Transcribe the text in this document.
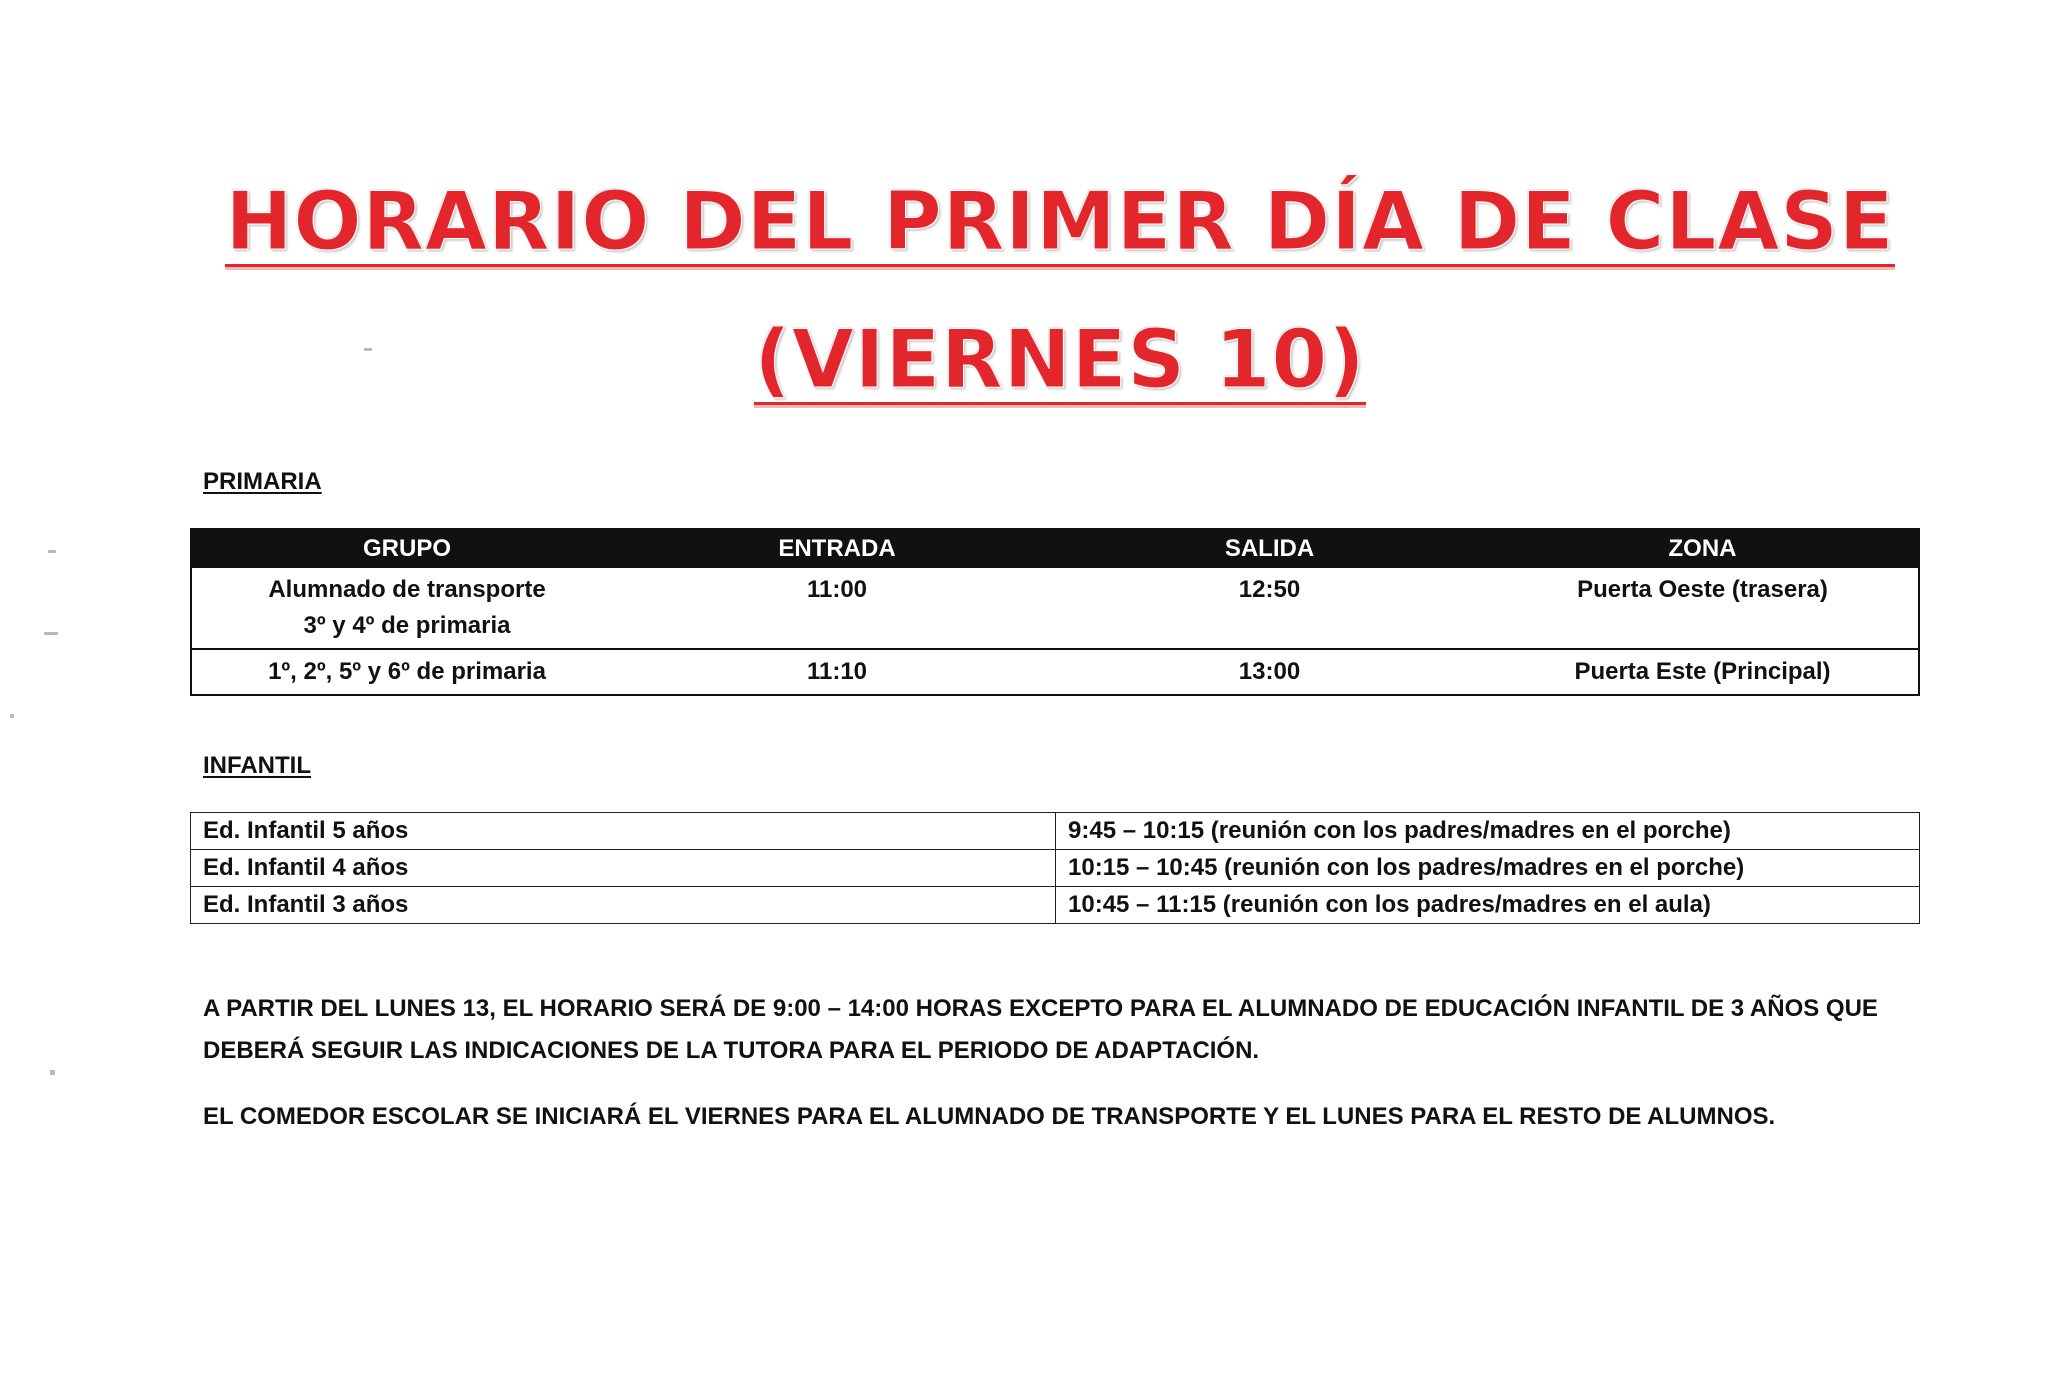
HORARIO DEL PRIMER DÍA DE CLASE
(VIERNES 10)
PRIMARIA
GRUPO	ENTRADA	SALIDA	ZONA

Alumnado de transporte
3º y 4º de primaria	11:00	12:50	Puerta Oeste (trasera)
1º, 2º, 5º y 6º de primaria	11:10	13:00	Puerta Este (Principal)
INFANTIL
Ed. Infantil 5 años	9:45 – 10:15 (reunión con los padres/madres en el porche)
Ed. Infantil 4 años	10:15 – 10:45 (reunión con los padres/madres en el porche)
Ed. Infantil 3 años	10:45 – 11:15 (reunión con los padres/madres en el aula)
A PARTIR DEL LUNES 13, EL HORARIO SERÁ DE 9:00 – 14:00 HORAS EXCEPTO PARA EL ALUMNADO DE EDUCACIÓN INFANTIL DE 3 AÑOS QUE DEBERÁ SEGUIR LAS INDICACIONES DE LA TUTORA PARA EL PERIODO DE ADAPTACIÓN.
EL COMEDOR ESCOLAR SE INICIARÁ EL VIERNES PARA EL ALUMNADO DE TRANSPORTE Y EL LUNES PARA EL RESTO DE ALUMNOS.
